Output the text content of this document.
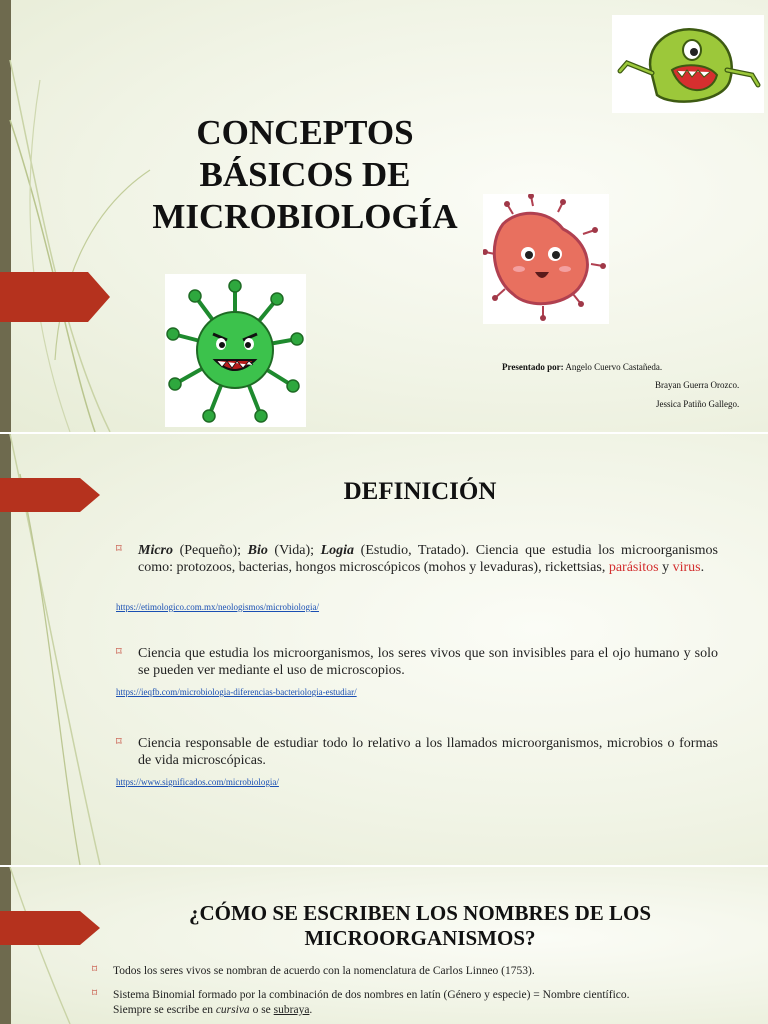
CONCEPTOS
BÁSICOS DE
MICROBIOLOGÍA
Presentado por: Angelo Cuervo Castañeda.
Brayan Guerra Orozco.
Jessica Patiño Gallego.
DEFINICIÓN
⌑ Micro (Pequeño); Bio (Vida); Logia (Estudio, Tratado). Ciencia que estudia los microorganismos como: protozoos, bacterias, hongos microscópicos (mohos y levaduras), rickettsias, parásitos y virus.
https://etimologico.com.mx/neologismos/microbiologia/
⌑ Ciencia que estudia los microorganismos, los seres vivos que son invisibles para el ojo humano y solo se pueden ver mediante el uso de microscopios.
https://ieqfb.com/microbiologia-diferencias-bacteriologia-estudiar/
⌑ Ciencia responsable de estudiar todo lo relativo a los llamados microorganismos, microbios o formas de vida microscópicas.
https://www.significados.com/microbiologia/
¿CÓMO SE ESCRIBEN LOS NOMBRES DE LOS
MICROORGANISMOS?
⌑ Todos los seres vivos se nombran de acuerdo con la nomenclatura de Carlos Linneo (1753).
⌑ Sistema Binomial formado por la combinación de dos nombres en latín (Género y especie) = Nombre científico.
Siempre se escribe en cursiva o se subraya.
